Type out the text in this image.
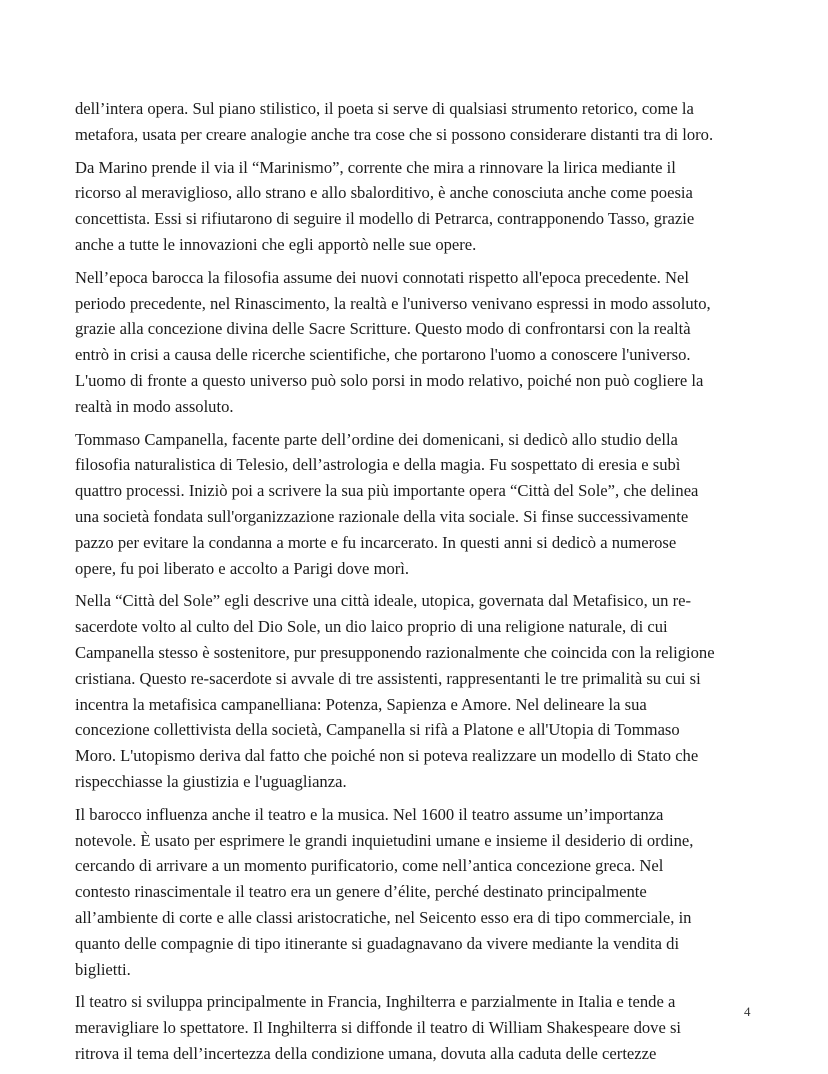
dell’intera opera. Sul piano stilistico, il poeta si serve di qualsiasi strumento retorico, come la
metafora, usata per creare analogie anche tra cose che si possono considerare distanti tra di loro.

Da Marino prende il via il “Marinismo”, corrente che mira a rinnovare la lirica mediante il
ricorso al meraviglioso, allo strano e allo sbalorditivo, è anche conosciuta anche come poesia
concettista. Essi si rifiutarono di seguire il modello di Petrarca, contrapponendo Tasso, grazie
anche a tutte le innovazioni che egli apportò nelle sue opere.

Nell’epoca barocca la filosofia assume dei nuovi connotati rispetto all'epoca precedente. Nel
periodo precedente, nel Rinascimento, la realtà e l'universo venivano espressi in modo assoluto,
grazie alla concezione divina delle Sacre Scritture. Questo modo di confrontarsi con la realtà
entrò in crisi a causa delle ricerche scientifiche, che portarono l'uomo a conoscere l'universo.
L'uomo di fronte a questo universo può solo porsi in modo relativo, poiché non può cogliere la
realtà in modo assoluto.

Tommaso Campanella, facente parte dell’ordine dei domenicani, si dedicò allo studio della
filosofia naturalistica di Telesio, dell’astrologia e della magia. Fu sospettato di eresia e subì
quattro processi. Iniziò poi a scrivere la sua più importante opera “Città del Sole”, che delinea
una società fondata sull'organizzazione razionale della vita sociale. Si finse successivamente
pazzo per evitare la condanna a morte e fu incarcerato. In questi anni si dedicò a numerose
opere, fu poi liberato e accolto a Parigi dove morì.

Nella “Città del Sole” egli descrive una città ideale, utopica, governata dal Metafisico, un re-
sacerdote volto al culto del Dio Sole, un dio laico proprio di una religione naturale, di cui
Campanella stesso è sostenitore, pur presupponendo razionalmente che coincida con la religione
cristiana. Questo re-sacerdote si avvale di tre assistenti, rappresentanti le tre primalità su cui si
incentra la metafisica campanelliana: Potenza, Sapienza e Amore. Nel delineare la sua
concezione collettivista della società, Campanella si rifà a Platone e all'Utopia di Tommaso
Moro. L'utopismo deriva dal fatto che poiché non si poteva realizzare un modello di Stato che
rispecchiasse la giustizia e l'uguaglianza.

Il barocco influenza anche il teatro e la musica. Nel 1600 il teatro assume un’importanza
notevole. È usato per esprimere le grandi inquietudini umane e insieme il desiderio di ordine,
cercando di arrivare a un momento purificatorio, come nell’antica concezione greca. Nel
contesto rinascimentale il teatro era un genere d’élite, perché destinato principalmente
all’ambiente di corte e alle classi aristocratiche, nel Seicento esso era di tipo commerciale, in
quanto delle compagnie di tipo itinerante si guadagnavano da vivere mediante la vendita di
biglietti.

Il teatro si sviluppa principalmente in Francia, Inghilterra e parzialmente in Italia e tende a
meravigliare lo spettatore. Il Inghilterra si diffonde il teatro di William Shakespeare dove si
ritrova il tema dell’incertezza della condizione umana, dovuta alla caduta delle certezze

4
